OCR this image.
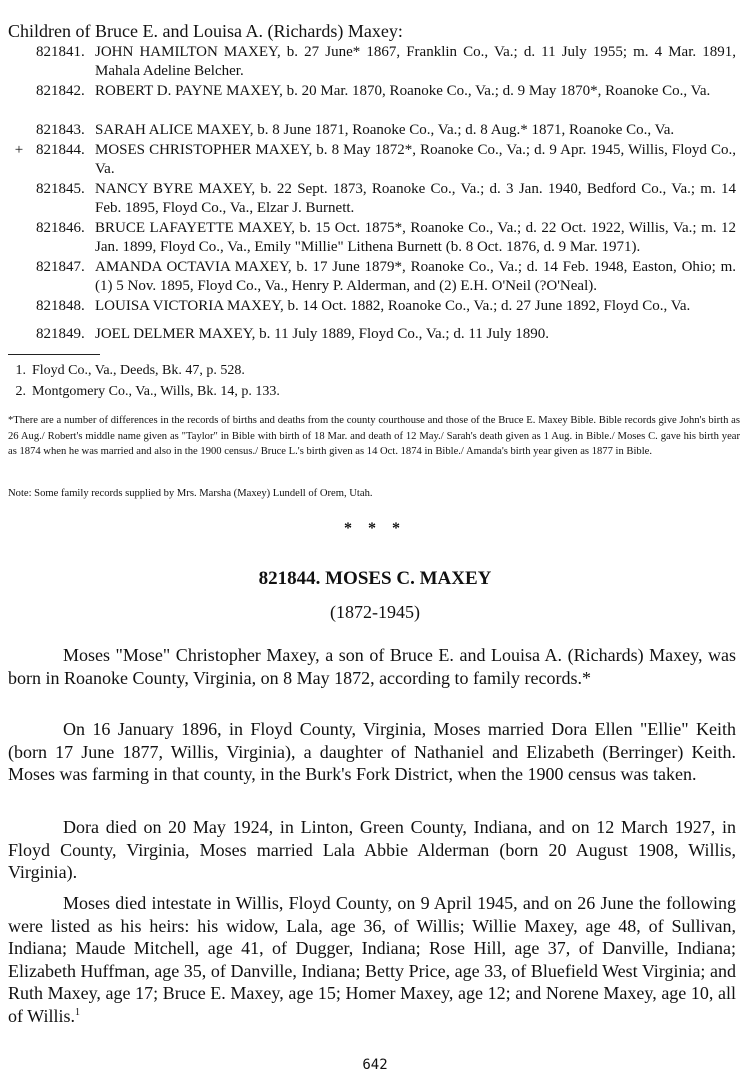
Children of Bruce E. and Louisa A. (Richards) Maxey:
821841. JOHN HAMILTON MAXEY, b. 27 June* 1867, Franklin Co., Va.; d. 11 July 1955; m. 4 Mar. 1891, Mahala Adeline Belcher.
821842. ROBERT D. PAYNE MAXEY, b. 20 Mar. 1870, Roanoke Co., Va.; d. 9 May 1870*, Roanoke Co., Va.
821843. SARAH ALICE MAXEY, b. 8 June 1871, Roanoke Co., Va.; d. 8 Aug.* 1871, Roanoke Co., Va.
+ 821844. MOSES CHRISTOPHER MAXEY, b. 8 May 1872*, Roanoke Co., Va.; d. 9 Apr. 1945, Willis, Floyd Co., Va.
821845. NANCY BYRE MAXEY, b. 22 Sept. 1873, Roanoke Co., Va.; d. 3 Jan. 1940, Bedford Co., Va.; m. 14 Feb. 1895, Floyd Co., Va., Elzar J. Burnett.
821846. BRUCE LAFAYETTE MAXEY, b. 15 Oct. 1875*, Roanoke Co., Va.; d. 22 Oct. 1922, Willis, Va.; m. 12 Jan. 1899, Floyd Co., Va., Emily "Millie" Lithena Burnett (b. 8 Oct. 1876, d. 9 Mar. 1971).
821847. AMANDA OCTAVIA MAXEY, b. 17 June 1879*, Roanoke Co., Va.; d. 14 Feb. 1948, Easton, Ohio; m. (1) 5 Nov. 1895, Floyd Co., Va., Henry P. Alderman, and (2) E.H. O'Neil (?O'Neal).
821848. LOUISA VICTORIA MAXEY, b. 14 Oct. 1882, Roanoke Co., Va.; d. 27 June 1892, Floyd Co., Va.
821849. JOEL DELMER MAXEY, b. 11 July 1889, Floyd Co., Va.; d. 11 July 1890.
1. Floyd Co., Va., Deeds, Bk. 47, p. 528.
2. Montgomery Co., Va., Wills, Bk. 14, p. 133.
*There are a number of differences in the records of births and deaths from the county courthouse and those of the Bruce E. Maxey Bible. Bible records give John's birth as 26 Aug./ Robert's middle name given as "Taylor" in Bible with birth of 18 Mar. and death of 12 May./ Sarah's death given as 1 Aug. in Bible./ Moses C. gave his birth year as 1874 when he was married and also in the 1900 census./ Bruce L.'s birth given as 14 Oct. 1874 in Bible./ Amanda's birth year given as 1877 in Bible.
Note: Some family records supplied by Mrs. Marsha (Maxey) Lundell of Orem, Utah.
* * *
821844. MOSES C. MAXEY
(1872-1945)
Moses "Mose" Christopher Maxey, a son of Bruce E. and Louisa A. (Richards) Maxey, was born in Roanoke County, Virginia, on 8 May 1872, according to family records.*
On 16 January 1896, in Floyd County, Virginia, Moses married Dora Ellen "Ellie" Keith (born 17 June 1877, Willis, Virginia), a daughter of Nathaniel and Elizabeth (Berringer) Keith. Moses was farming in that county, in the Burk's Fork District, when the 1900 census was taken.
Dora died on 20 May 1924, in Linton, Green County, Indiana, and on 12 March 1927, in Floyd County, Virginia, Moses married Lala Abbie Alderman (born 20 August 1908, Willis, Virginia).
Moses died intestate in Willis, Floyd County, on 9 April 1945, and on 26 June the following were listed as his heirs: his widow, Lala, age 36, of Willis; Willie Maxey, age 48, of Sullivan, Indiana; Maude Mitchell, age 41, of Dugger, Indiana; Rose Hill, age 37, of Danville, Indiana; Elizabeth Huffman, age 35, of Danville, Indiana; Betty Price, age 33, of Bluefield West Virginia; and Ruth Maxey, age 17; Bruce E. Maxey, age 15; Homer Maxey, age 12; and Norene Maxey, age 10, all of Willis.$^1$
642
